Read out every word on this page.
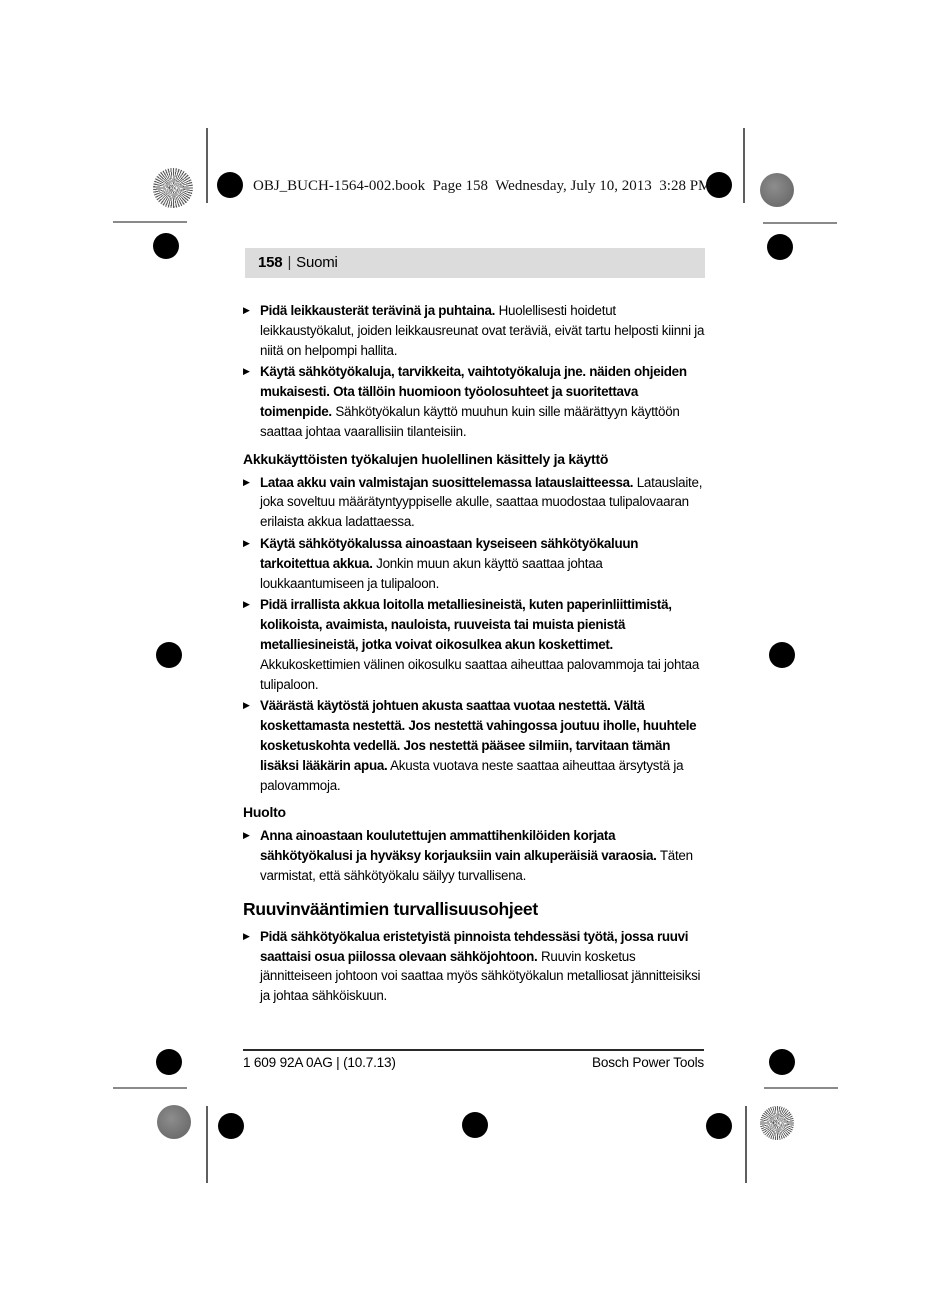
OBJ_BUCH-1564-002.book  Page 158  Wednesday, July 10, 2013  3:28 PM
158 | Suomi
▶ Pidä leikkausterät terävinä ja puhtaina. Huolellisesti hoidetut leikkaustyökalut, joiden leikkausreunat ovat teräviä, eivät tartu helposti kiinni ja niitä on helpompi hallita.
▶ Käytä sähkötyökaluja, tarvikkeita, vaihtotyökaluja jne. näiden ohjeiden mukaisesti. Ota tällöin huomioon työolosuhteet ja suoritettava toimenpide. Sähkötyökalun käyttö muuhun kuin sille määrättyyn käyttöön saattaa johtaa vaarallisiin tilanteisiin.
Akkukäyttöisten työkalujen huolellinen käsittely ja käyttö
▶ Lataa akku vain valmistajan suosittelemassa latauslaitteessa. Latauslaite, joka soveltuu määrätyntyyppiselle akulle, saattaa muodostaa tulipalovaaran erilaista akkua ladattaessa.
▶ Käytä sähkötyökalussa ainoastaan kyseiseen sähkötyökaluun tarkoitettua akkua. Jonkin muun akun käyttö saattaa johtaa loukkaantumiseen ja tulipaloon.
▶ Pidä irrallista akkua loitolla metalliesineistä, kuten paperinliittimistä, kolikoista, avaimista, nauloista, ruuveista tai muista pienistä metalliesineistä, jotka voivat oikosulkea akun koskettimet. Akkukoskettimien välinen oikosulku saattaa aiheuttaa palovammoja tai johtaa tulipaloon.
▶ Väärästä käytöstä johtuen akusta saattaa vuotaa nestettä. Vältä koskettamasta nestettä. Jos nestettä vahingossa joutuu iholle, huuhtele kosketuskohta vedellä. Jos nestettä pääsee silmiin, tarvitaan tämän lisäksi lääkärin apua. Akusta vuotava neste saattaa aiheuttaa ärsytystä ja palovammoja.
Huolto
▶ Anna ainoastaan koulutettujen ammattihenkilöiden korjata sähkötyökalusi ja hyväksy korjauksiin vain alkuperäisiä varaosia. Täten varmistat, että sähkötyökalu säilyy turvallisena.
Ruuvinvääntimien turvallisuusohjeet
▶ Pidä sähkötyökalua eristetyistä pinnoista tehdessäsi työtä, jossa ruuvi saattaisi osua piilossa olevaan sähköjohtoon. Ruuvin kosketus jännitteiseen johtoon voi saattaa myös sähkötyökalun metalliosat jännitteisiksi ja johtaa sähköiskuun.
1 609 92A 0AG | (10.7.13)	Bosch Power Tools
